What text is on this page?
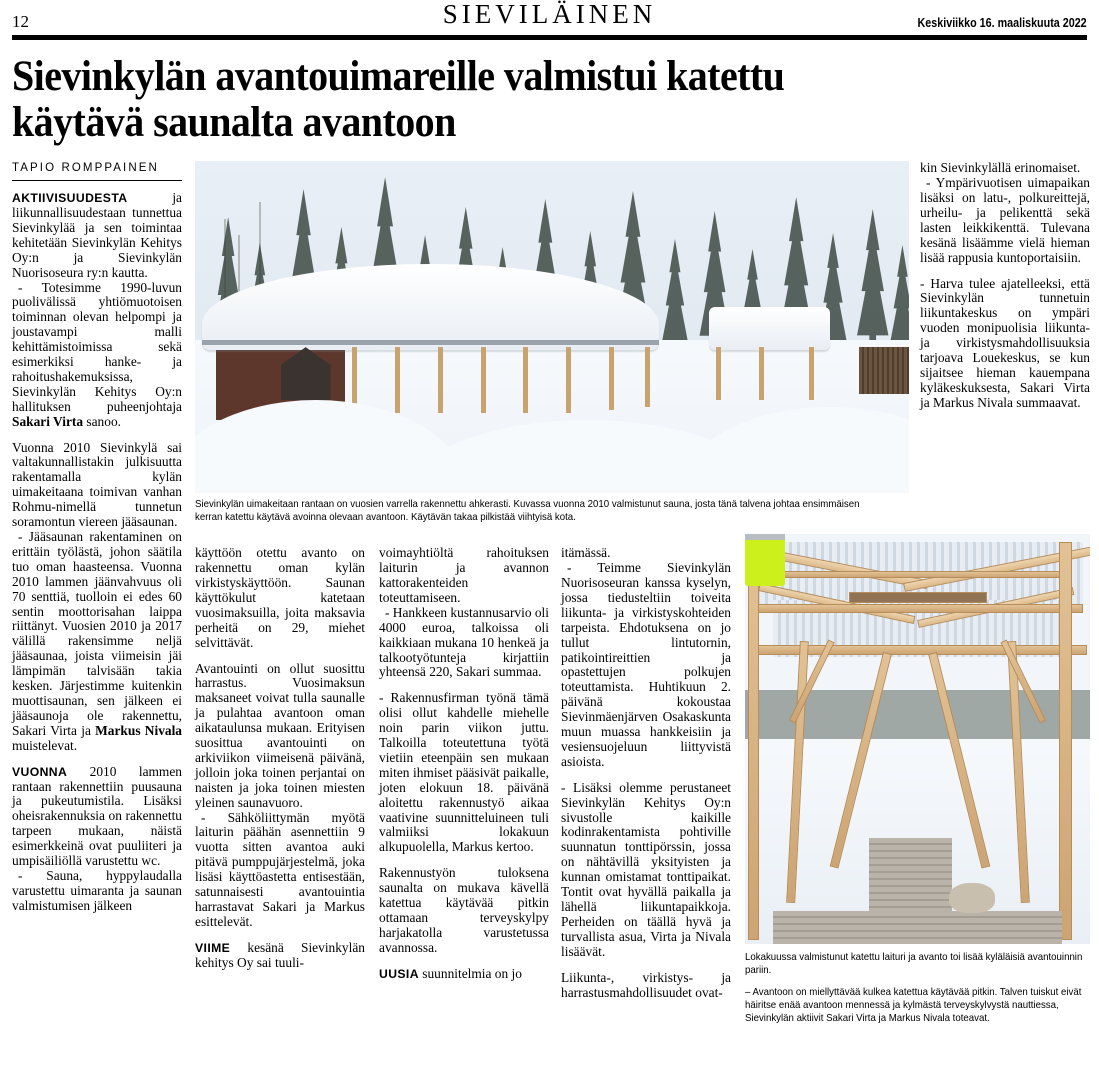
12	SIEVILÄINEN	Keskiviikko 16. maaliskuuta 2022
Sievinkylän avantouimareille valmistui katettu
käytävä saunalta avantoon
Sievinkylän uimakeitaan rantaan on vuosien varrella rakennettu ahkerasti. Kuvassa vuonna 2010 valmistunut sauna, josta tänä talvena johtaa ensimmäisen kerran katettu käytävä avoinna olevaan avantoon. Käytävän takaa pilkistää viihtyisä kota.

Lokakuussa valmistunut katettu laituri ja avanto toi lisää kyläläisiä avantouinnin pariin.

– Avantoon on miellyttävää kulkea katettua käytävää pitkin. Talven tuiskut eivät häiritse enää avantoon mennessä ja kylmästä terveyskylvystä nauttiessa, Sievinkylän aktiivit Sakari Virta ja Markus Nivala toteavat.

TAPIO ROMPPAINEN

AKTIIVISUUDESTA ja liikunnallisuudestaan tunnettua Sievinkylää ja sen toimintaa kehitetään Sievinkylän Kehitys Oy:n ja Sievinkylän Nuorisoseura ry:n kautta.

- Totesimme 1990-luvun puolivälissä yhtiömuotoisen toiminnan olevan helpompi ja joustavampi malli kehittämistoimissa sekä esimerkiksi hanke- ja rahoitushakemuksissa, Sievinkylän Kehitys Oy:n hallituksen puheenjohtaja Sakari Virta sanoo.

Vuonna 2010 Sievinkylä sai valtakunnallistakin julkisuutta rakentamalla kylän uimakeitaana toimivan vanhan Rohmu-nimellä tunnetun soramontun viereen jääsaunan.

- Jääsaunan rakentaminen on erittäin työlästä, johon säätila tuo oman haasteensa. Vuonna 2010 lammen jäänvahvuus oli 70 senttiä, tuolloin ei edes 60 sentin moottorisahan laippa riittänyt. Vuosien 2010 ja 2017 välillä rakensimme neljä jääsaunaa, joista viimeisin jäi lämpimän talvisään takia kesken. Järjestimme kuitenkin muottisaunan, sen jälkeen ei jääsaunoja ole rakennettu, Sakari Virta ja Markus Nivala muistelevat.

VUONNA 2010 lammen rantaan rakennettiin puusauna ja pukeutumistila. Lisäksi oheisrakennuksia on rakennettu tarpeen mukaan, näistä esimerkkeinä ovat puuliiteri ja umpisäiliöllä varustettu wc.

- Sauna, hyppylaudalla varustettu uimaranta ja saunan valmistumisen jälkeen

käyttöön otettu avanto on rakennettu oman kylän virkistyskäyttöön. Saunan käyttökulut katetaan vuosimaksuilla, joita maksavia perheitä on 29, miehet selvittävät.

Avantouinti on ollut suosittu harrastus. Vuosimaksun maksaneet voivat tulla saunalle ja pulahtaa avantoon oman aikataulunsa mukaan. Erityisen suosittua avantouinti on arkiviikon viimeisenä päivänä, jolloin joka toinen perjantai on naisten ja joka toinen miesten yleinen saunavuoro.

- Sähköliittymän myötä laiturin päähän asennettiin 9 vuotta sitten avantoa auki pitävä pumppujärjestelmä, joka lisäsi käyttöastetta entisestään, satunnaisesti avantouintia harrastavat Sakari ja Markus esittelevät.

VIIME kesänä Sievinkylän kehitys Oy sai tuuli-

voimayhtiöltä rahoituksen laiturin ja avannon kattorakenteiden toteuttamiseen.

- Hankkeen kustannusarvio oli 4000 euroa, talkoissa oli kaikkiaan mukana 10 henkeä ja talkootyötunteja kirjattiin yhteensä 220, Sakari summaa.

- Rakennusfirman työnä tämä olisi ollut kahdelle miehelle noin parin viikon juttu. Talkoilla toteutettuna työtä vietiin eteenpäin sen mukaan miten ihmiset pääsivät paikalle, joten elokuun 18. päivänä aloitettu rakennustyö aikaa vaativine suunnitteluineen tuli valmiiksi lokakuun alkupuolella, Markus kertoo.

Rakennustyön tuloksena saunalta on mukava kävellä katettua käytävää pitkin ottamaan terveyskylpy harjakatolla varustetussa avannossa.

UUSIA suunnitelmia on jo

itämässä.

- Teimme Sievinkylän Nuorisoseuran kanssa kyselyn, jossa tiedusteltiin toiveita liikunta- ja virkistyskohteiden tarpeista. Ehdotuksena on jo tullut lintutornin, patikointireittien ja opastettujen polkujen toteuttamista. Huhtikuun 2. päivänä kokoustaa Sievinmäenjärven Osakaskunta muun muassa hankkeisiin ja vesiensuojeluun liittyvistä asioista.

- Lisäksi olemme perustaneet Sievinkylän Kehitys Oy:n sivustolle kaikille kodinrakentamista pohtiville suunnatun tonttipörssin, jossa on nähtävillä yksityisten ja kunnan omistamat tonttipaikat. Tontit ovat hyvällä paikalla ja lähellä liikuntapaikkoja. Perheiden on täällä hyvä ja turvallista asua, Virta ja Nivala lisäävät.

Liikunta-, virkistys- ja harrastusmahdollisuudet ovat-

kin Sievinkylällä erinomaiset.

- Ympärivuotisen uimapaikan lisäksi on latu-, polkureittejä, urheilu- ja pelikenttä sekä lasten leikkikenttä. Tulevana kesänä lisäämme vielä hieman lisää rappusia kuntoportaisiin.

- Harva tulee ajatelleeksi, että Sievinkylän tunnetuin liikuntakeskus on ympäri vuoden monipuolisia liikunta- ja virkistysmahdollisuuksia tarjoava Louekeskus, se kun sijaitsee hieman kauempana kyläkeskuksesta, Sakari Virta ja Markus Nivala summaavat.
